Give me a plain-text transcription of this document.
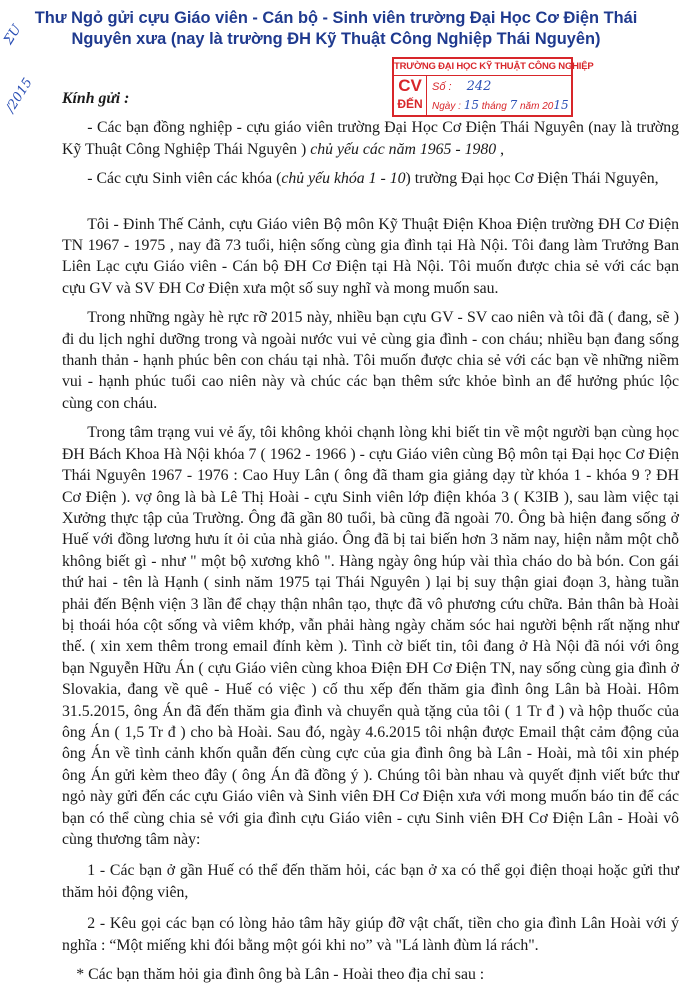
Thư Ngỏ gửi cựu Giáo viên - Cán bộ - Sinh viên trường Đại Học Cơ Điện Thái
Nguyên xưa (nay là trường ĐH Kỹ Thuật Công Nghiệp Thái Nguyên)
ΣU
/2015
TRƯỜNG ĐẠI HỌC KỸ THUẬT CÔNG NGHIỆP
CV
ĐẾN
Số : 242
Ngày : 15 tháng 7 năm 2015

Kính gửi :

- Các bạn đồng nghiệp - cựu giáo viên trường Đại Học Cơ Điện Thái Nguyên (nay là trường Kỹ Thuật Công Nghiệp Thái Nguyên ) chủ yếu các năm 1965 - 1980 ,

- Các cựu Sinh viên các khóa (chủ yếu khóa 1 - 10) trường Đại học Cơ Điện Thái Nguyên,

Tôi - Đinh Thế Cảnh, cựu Giáo viên Bộ môn Kỹ Thuật Điện Khoa Điện trường ĐH Cơ Điện TN 1967 - 1975 , nay đã 73 tuổi, hiện sống cùng gia đình tại Hà Nội. Tôi đang làm Trưởng Ban Liên Lạc cựu Giáo viên - Cán bộ ĐH Cơ Điện tại Hà Nội. Tôi muốn được chia sẻ với các bạn cựu GV và SV ĐH Cơ Điện xưa một số suy nghĩ và mong muốn sau.

Trong những ngày hè rực rỡ 2015 này, nhiều bạn cựu GV - SV cao niên và tôi đã ( đang, sẽ ) đi du lịch nghỉ dưỡng trong và ngoài nước vui vẻ cùng gia đình - con cháu; nhiều bạn đang sống thanh thản - hạnh phúc bên con cháu tại nhà. Tôi muốn được chia sẻ với các bạn về những niềm vui - hạnh phúc tuổi cao niên này và chúc các bạn thêm sức khỏe bình an để hưởng phúc lộc cùng con cháu.

Trong tâm trạng vui vẻ ấy, tôi không khỏi chạnh lòng khi biết tin về một người bạn cùng học ĐH Bách Khoa Hà Nội khóa 7 ( 1962 - 1966 ) - cựu Giáo viên cùng Bộ môn tại Đại học Cơ Điện Thái Nguyên 1967 - 1976 : Cao Huy Lân ( ông đã tham gia giảng dạy từ khóa 1 - khóa 9 ? ĐH Cơ Điện ). vợ ông là bà Lê Thị Hoài - cựu Sinh viên lớp điện khóa 3 ( K3IB ), sau làm việc tại Xưởng thực tập của Trường. Ông đã gần 80 tuổi, bà cũng đã ngoài 70. Ông bà hiện đang sống ở Huế với đồng lương hưu ít ỏi của nhà giáo. Ông đã bị tai biến hơn 3 năm nay, hiện nằm một chỗ không biết gì - như " một bộ xương khô ". Hàng ngày ông húp vài thìa cháo do bà bón. Con gái thứ hai - tên là Hạnh ( sinh năm 1975 tại Thái Nguyên ) lại bị suy thận giai đoạn 3, hàng tuần phải đến Bệnh viện 3 lần để chạy thận nhân tạo, thực đã vô phương cứu chữa. Bản thân bà Hoài bị thoái hóa cột sống và viêm khớp, vẫn phải hàng ngày chăm sóc hai người bệnh rất nặng như thế. ( xin xem thêm trong email đính kèm ). Tình cờ biết tin, tôi đang ở Hà Nội đã nói với ông bạn Nguyễn Hữu Án ( cựu Giáo viên cùng khoa Điện ĐH Cơ Điện TN, nay sống cùng gia đình ở Slovakia, đang về quê - Huế có việc ) cố thu xếp đến thăm gia đình ông Lân bà Hoài. Hôm 31.5.2015, ông Án đã đến thăm gia đình và chuyển quà tặng của tôi ( 1 Tr đ ) và hộp thuốc của ông Án ( 1,5 Tr đ ) cho bà Hoài. Sau đó, ngày 4.6.2015 tôi nhận được Email thật cảm động của ông Án về tình cảnh khốn quẫn đến cùng cực của gia đình ông bà Lân - Hoài, mà tôi xin phép ông Án gửi kèm theo đây ( ông Án đã đồng ý ). Chúng tôi bàn nhau và quyết định viết bức thư ngỏ này gửi đến các cựu Giáo viên và Sinh viên ĐH Cơ Điện xưa với mong muốn báo tin để các bạn có thể cùng chia sẻ với gia đình cựu Giáo viên - cựu Sinh viên ĐH Cơ Điện Lân - Hoài vô cùng thương tâm này:

1 - Các bạn ở gần Huế có thể đến thăm hỏi, các bạn ở xa có thể gọi điện thoại hoặc gửi thư thăm hỏi động viên,

2 - Kêu gọi các bạn có lòng hảo tâm hãy giúp đỡ vật chất, tiền cho gia đình Lân Hoài với ý nghĩa : “Một miếng khi đói bằng một gói khi no” và "Lá lành đùm lá rách".

* Các bạn thăm hỏi gia đình ông bà Lân - Hoài theo địa chỉ sau :
